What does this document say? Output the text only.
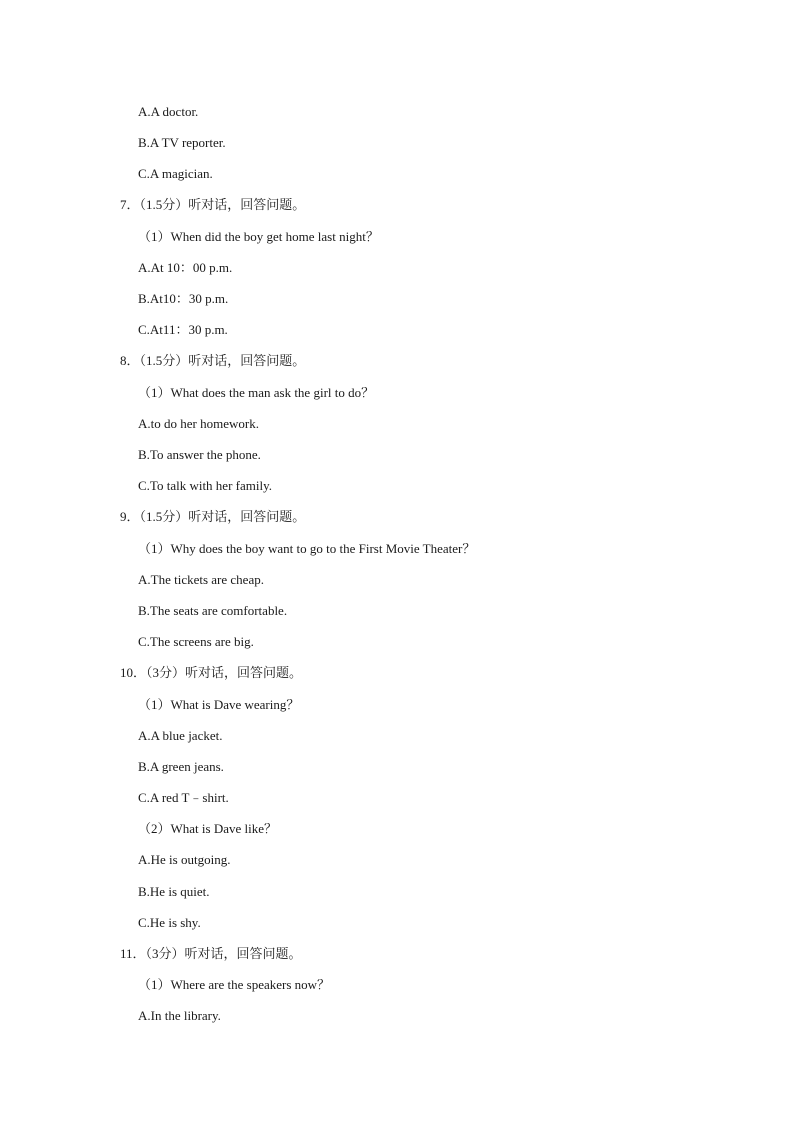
A.A doctor.
B.A TV reporter.
C.A magician.
7．（1.5分）听对话，回答问题。
（1）When did the boy get home last night？
A.At 10：00 p.m.
B.At10：30 p.m.
C.At11：30 p.m.
8．（1.5分）听对话，回答问题。
（1）What does the man ask the girl to do？
A.to do her homework.
B.To answer the phone.
C.To talk with her family.
9．（1.5分）听对话，回答问题。
（1）Why does the boy want to go to the First Movie Theater？
A.The tickets are cheap.
B.The seats are comfortable.
C.The screens are big.
10．（3分）听对话，回答问题。
（1）What is Dave wearing？
A.A blue jacket.
B.A green jeans.
C.A red T﹣shirt.
（2）What is Dave like？
A.He is outgoing.
B.He is quiet.
C.He is shy.
11．（3分）听对话，回答问题。
（1）Where are the speakers now？
A.In the library.
